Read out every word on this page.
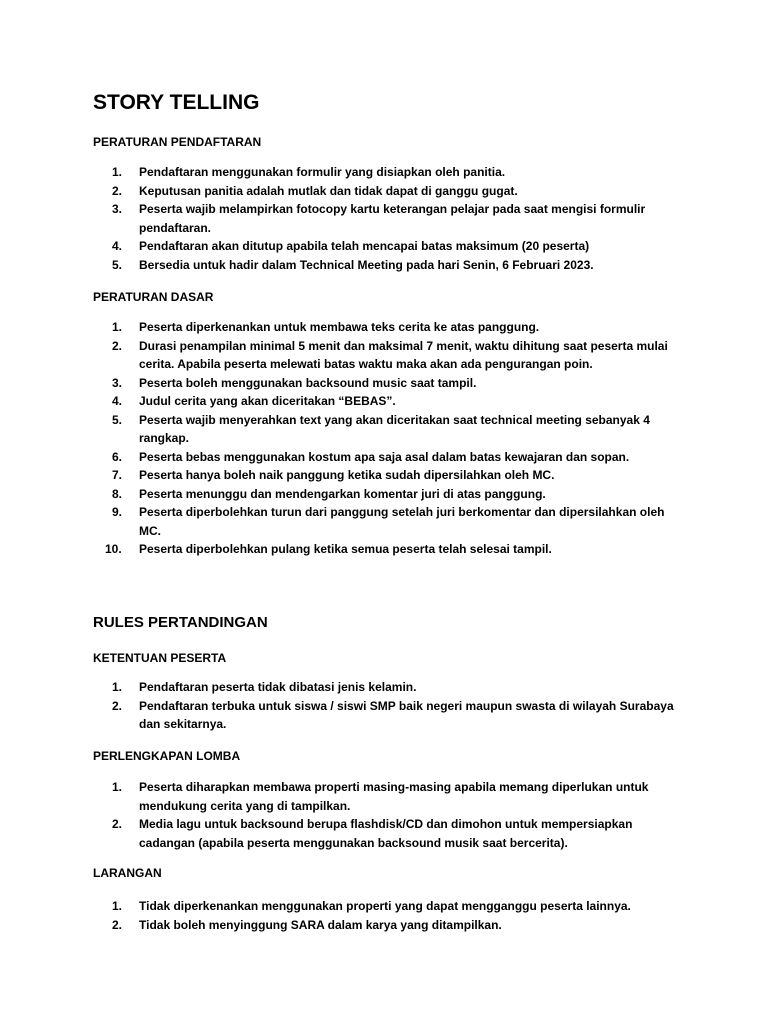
STORY TELLING
PERATURAN PENDAFTARAN
1.	Pendaftaran menggunakan formulir yang disiapkan oleh panitia.
2.	Keputusan panitia adalah mutlak dan tidak dapat di ganggu gugat.
3.	Peserta wajib melampirkan fotocopy kartu keterangan pelajar pada saat mengisi formulir pendaftaran.
4.	Pendaftaran akan ditutup apabila telah mencapai batas maksimum (20 peserta)
5.	Bersedia untuk hadir dalam Technical Meeting pada hari Senin, 6 Februari 2023.
PERATURAN DASAR
1.	Peserta diperkenankan untuk membawa teks cerita ke atas panggung.
2.	Durasi penampilan minimal 5 menit dan maksimal 7 menit, waktu dihitung saat peserta mulai cerita. Apabila peserta melewati batas waktu maka akan ada pengurangan poin.
3.	Peserta boleh menggunakan backsound music saat tampil.
4.	Judul cerita yang akan diceritakan “BEBAS”.
5.	Peserta wajib menyerahkan text yang akan diceritakan saat technical meeting sebanyak 4 rangkap.
6.	Peserta bebas menggunakan kostum apa saja asal dalam batas kewajaran dan sopan.
7.	Peserta hanya boleh naik panggung ketika sudah dipersilahkan oleh MC.
8.	Peserta menunggu dan mendengarkan komentar juri di atas panggung.
9.	Peserta diperbolehkan turun dari panggung setelah juri berkomentar dan dipersilahkan oleh MC.
10.	Peserta diperbolehkan pulang ketika semua peserta telah selesai tampil.
RULES PERTANDINGAN
KETENTUAN PESERTA
1.	Pendaftaran peserta tidak dibatasi jenis kelamin.
2.	Pendaftaran terbuka untuk siswa / siswi SMP baik negeri maupun swasta di wilayah Surabaya dan sekitarnya.
PERLENGKAPAN LOMBA
1.	Peserta diharapkan membawa properti masing-masing apabila memang diperlukan untuk mendukung cerita yang di tampilkan.
2.	Media lagu untuk backsound berupa flashdisk/CD dan dimohon untuk mempersiapkan cadangan (apabila peserta menggunakan backsound musik saat bercerita).
LARANGAN
1.	Tidak diperkenankan menggunakan properti yang dapat mengganggu peserta lainnya.
2.	Tidak boleh menyinggung SARA dalam karya yang ditampilkan.
